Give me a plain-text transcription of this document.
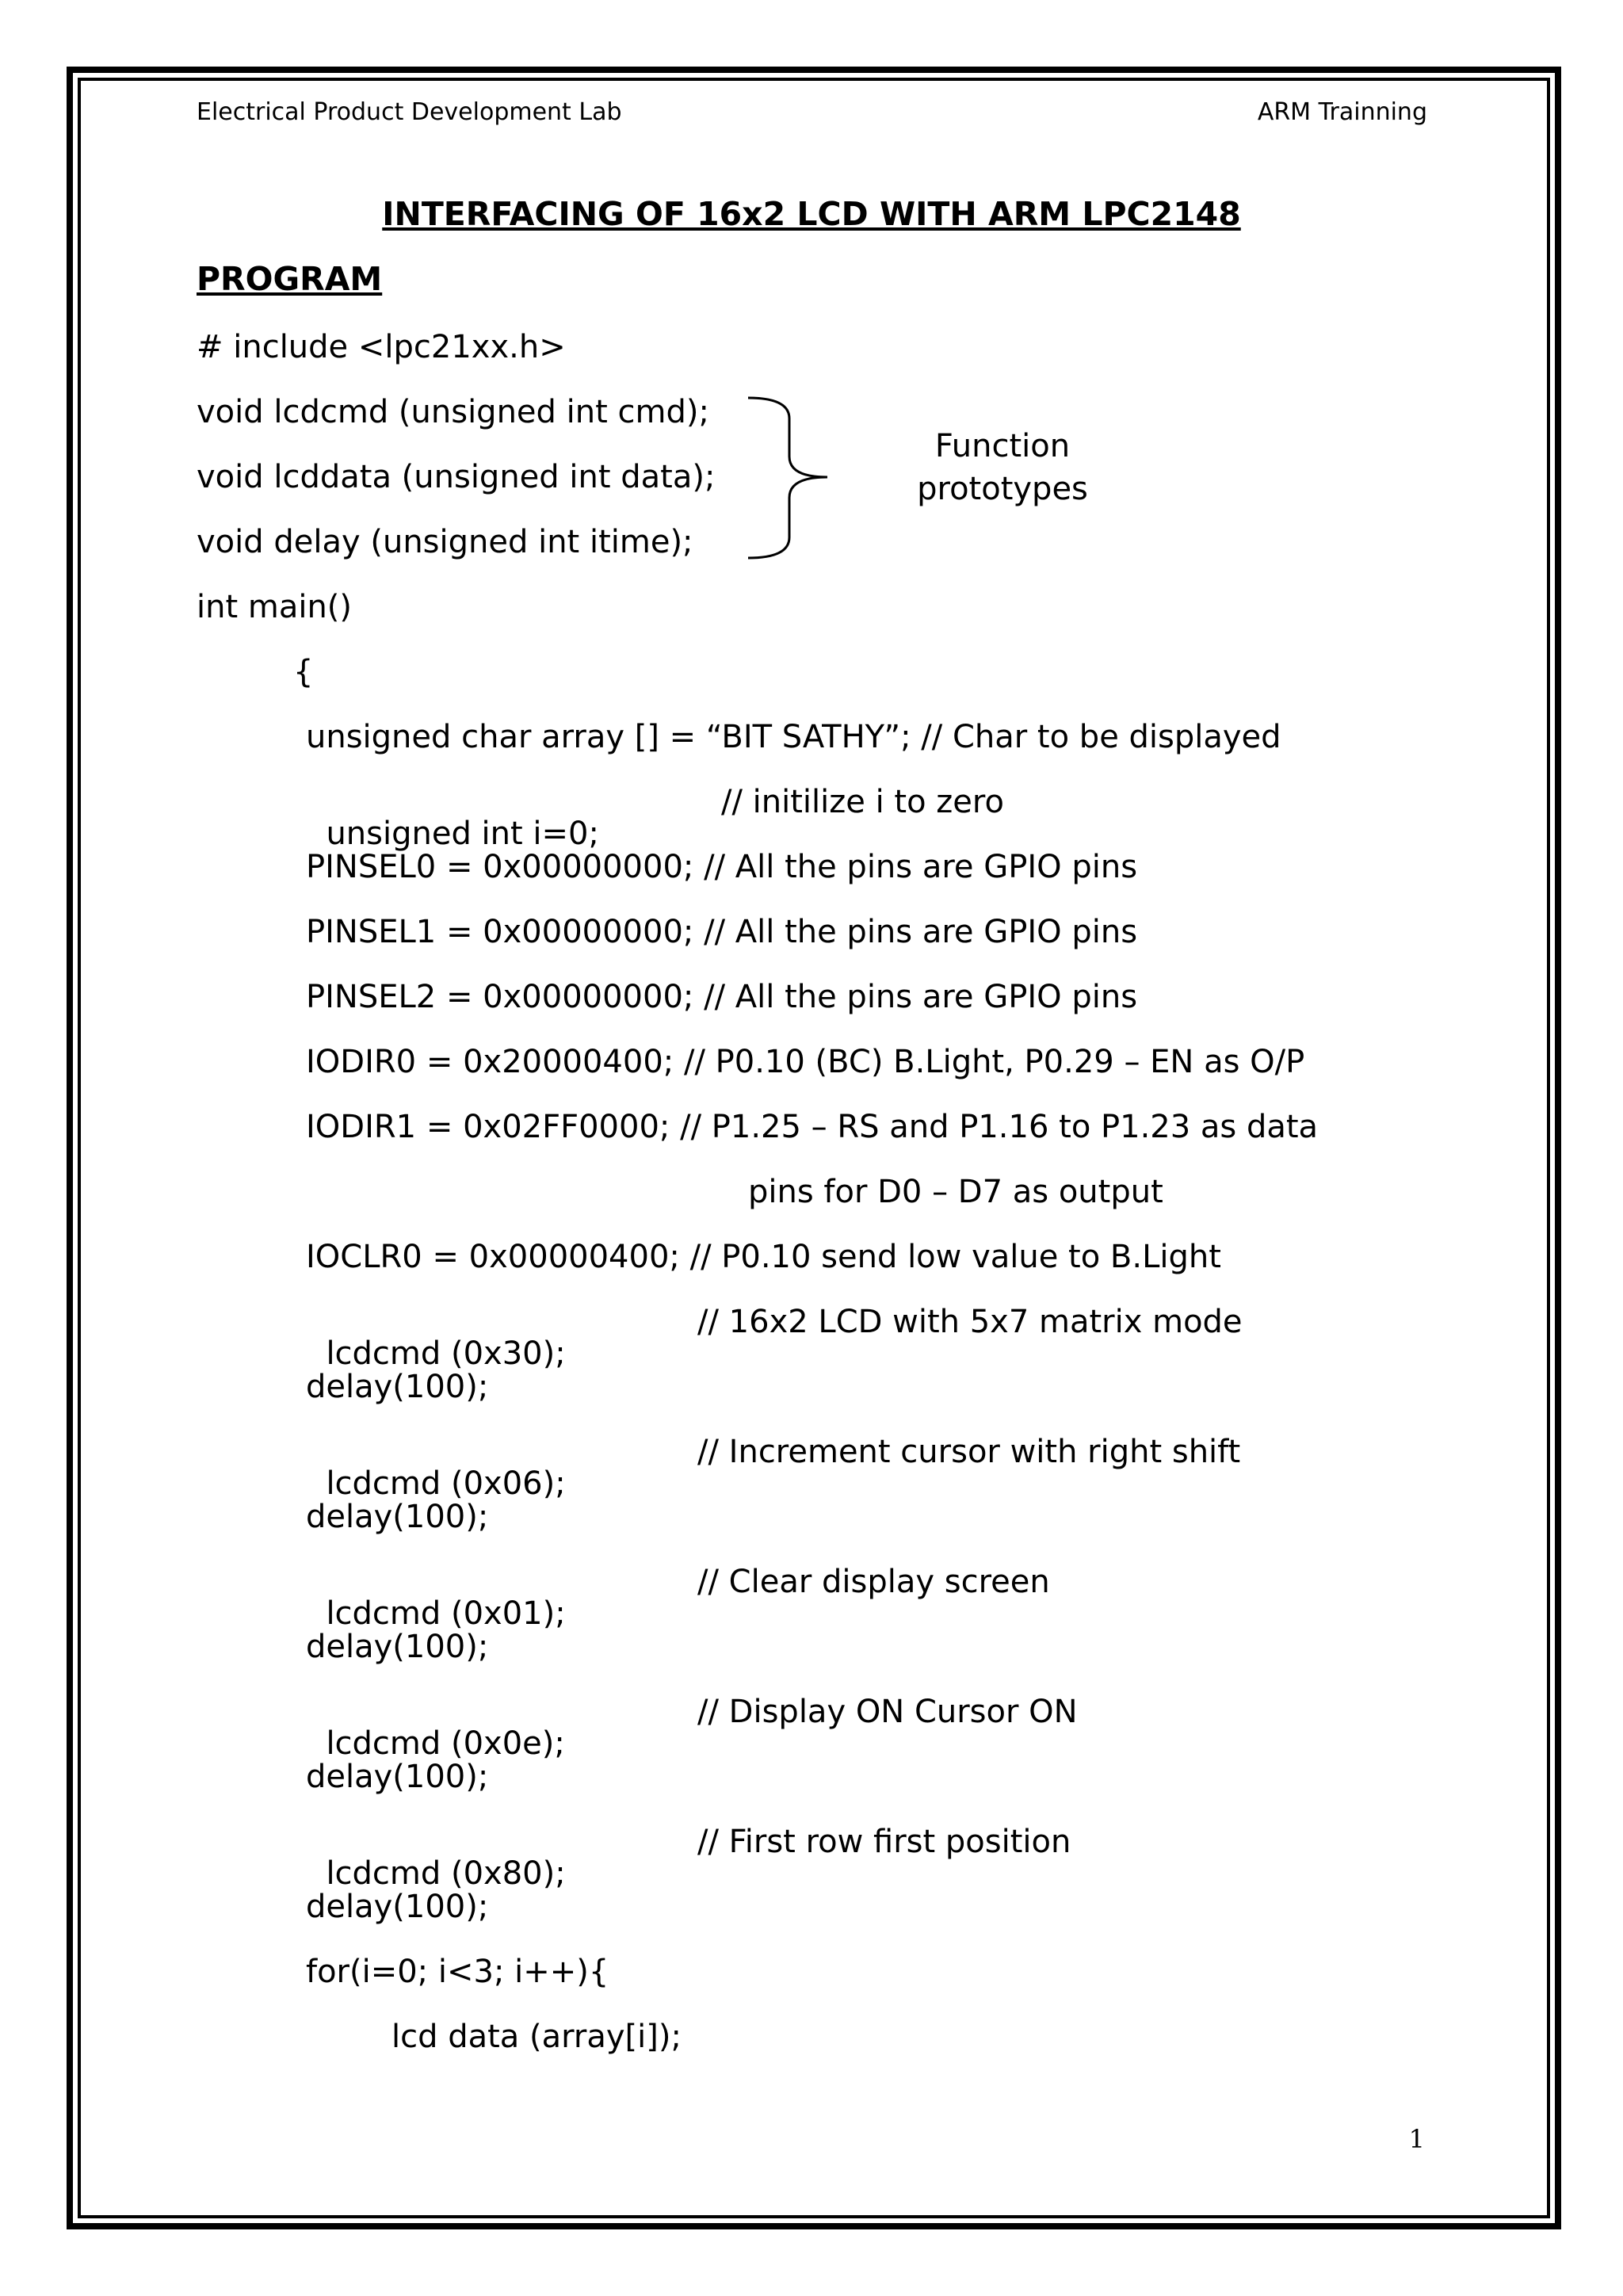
Electrical Product Development Lab	ARM Trainning
INTERFACING OF 16x2 LCD WITH ARM LPC2148
PROGRAM
# include <lpc21xx.h>
void lcdcmd (unsigned int cmd);
void lcddata (unsigned int data);
void delay (unsigned int itime);
int main()
{
unsigned char array [] = “BIT SATHY”; // Char to be displayed

unsigned int i=0;

// initilize i to zero

PINSEL0 = 0x00000000; // All the pins are GPIO pins
PINSEL1 = 0x00000000; // All the pins are GPIO pins
PINSEL2 = 0x00000000; // All the pins are GPIO pins
IODIR0 = 0x20000400; // P0.10 (BC) B.Light, P0.29 – EN as O/P
IODIR1 = 0x02FF0000; // P1.25 – RS and P1.16 to P1.23 as data
pins for D0 – D7 as output
IOCLR0 = 0x00000400; // P0.10 send low value to B.Light

lcdcmd (0x30);

// 16x2 LCD with 5x7 matrix mode

delay(100);

lcdcmd (0x06);

// Increment cursor with right shift

delay(100);

lcdcmd (0x01);

// Clear display screen

delay(100);

lcdcmd (0x0e);

// Display ON Cursor ON

delay(100);

lcdcmd (0x80);

// First row first position

delay(100);
for(i=0; i<3; i++){
lcd data (array[i]);
Function
prototypes
1
